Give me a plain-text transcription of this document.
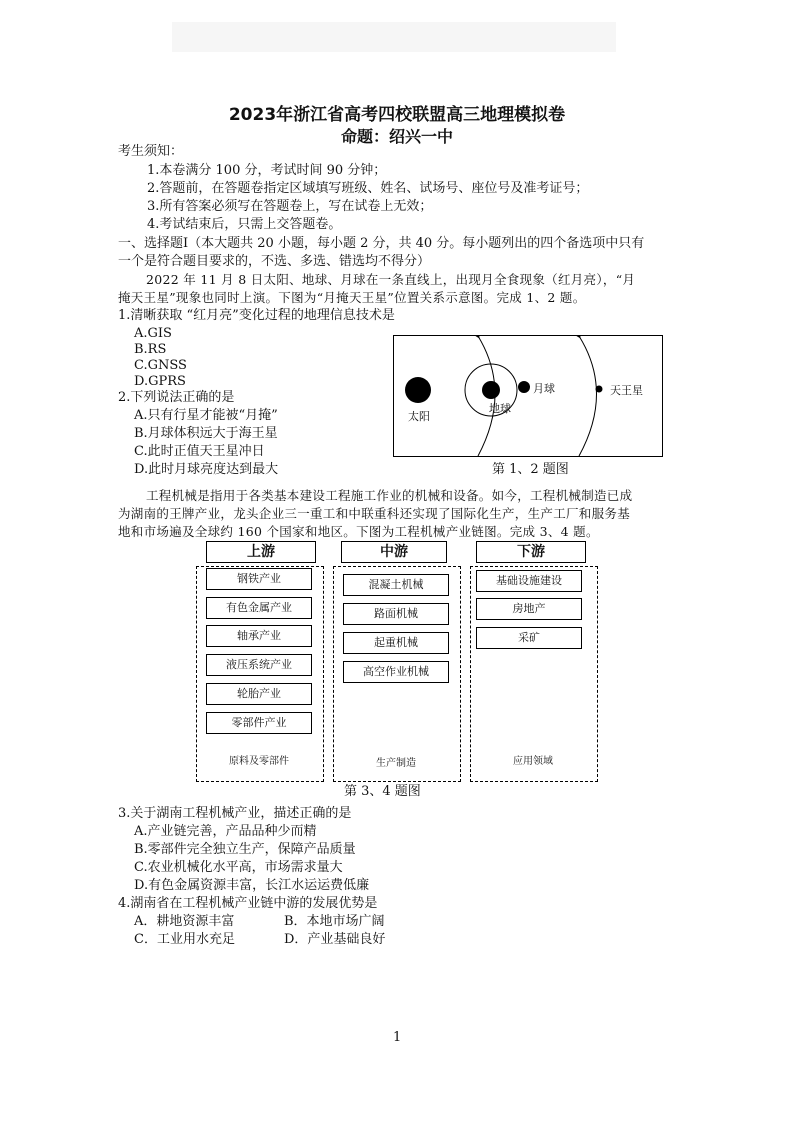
2023年浙江省高考四校联盟高三地理模拟卷
命题：绍兴一中
考生须知：
1.本卷满分 100 分，考试时间 90 分钟；
2.答题前，在答题卷指定区域填写班级、姓名、试场号、座位号及准考证号；
3.所有答案必须写在答题卷上，写在试卷上无效；
4.考试结束后，只需上交答题卷。
一、选择题Ⅰ（本大题共 20 小题，每小题 2 分，共 40 分。每小题列出的四个备选项中只有
一个是符合题目要求的，不选、多选、错选均不得分）
2022 年 11 月 8 日太阳、地球、月球在一条直线上，出现月全食现象（红月亮），“月
掩天王星”现象也同时上演。下图为“月掩天王星”位置关系示意图。完成 1、2 题。
1.清晰获取 “红月亮”变化过程的地理信息技术是
A.GIS
B.RS
C.GNSS
D.GPRS
2.下列说法正确的是
A.只有行星才能被“月掩”
B.月球体积远大于海王星
C.此时正值天王星冲日
D.此时月球亮度达到最大
太阳
地球
月球	天王星
第 1、2 题图
工程机械是指用于各类基本建设工程施工作业的机械和设备。如今，工程机械制造已成
为湖南的王牌产业，龙头企业三一重工和中联重科还实现了国际化生产，生产工厂和服务基
地和市场遍及全球约 160 个国家和地区。下图为工程机械产业链图。完成 3、4 题。
上游	中游	下游
钢铁产业
有色金属产业
轴承产业
液压系统产业
轮胎产业
零部件产业
原料及零部件
混凝土机械
路面机械
起重机械
高空作业机械
生产制造
基础设施建设
房地产
采矿
应用领域
第 3、4 题图
3.关于湖南工程机械产业，描述正确的是
A.产业链完善，产品品种少而精
B.零部件完全独立生产，保障产品质量
C.农业机械化水平高，市场需求量大
D.有色金属资源丰富，长江水运运费低廉
4.湖南省在工程机械产业链中游的发展优势是
A．耕地资源丰富	B．本地市场广阔
C．工业用水充足	D．产业基础良好
1
